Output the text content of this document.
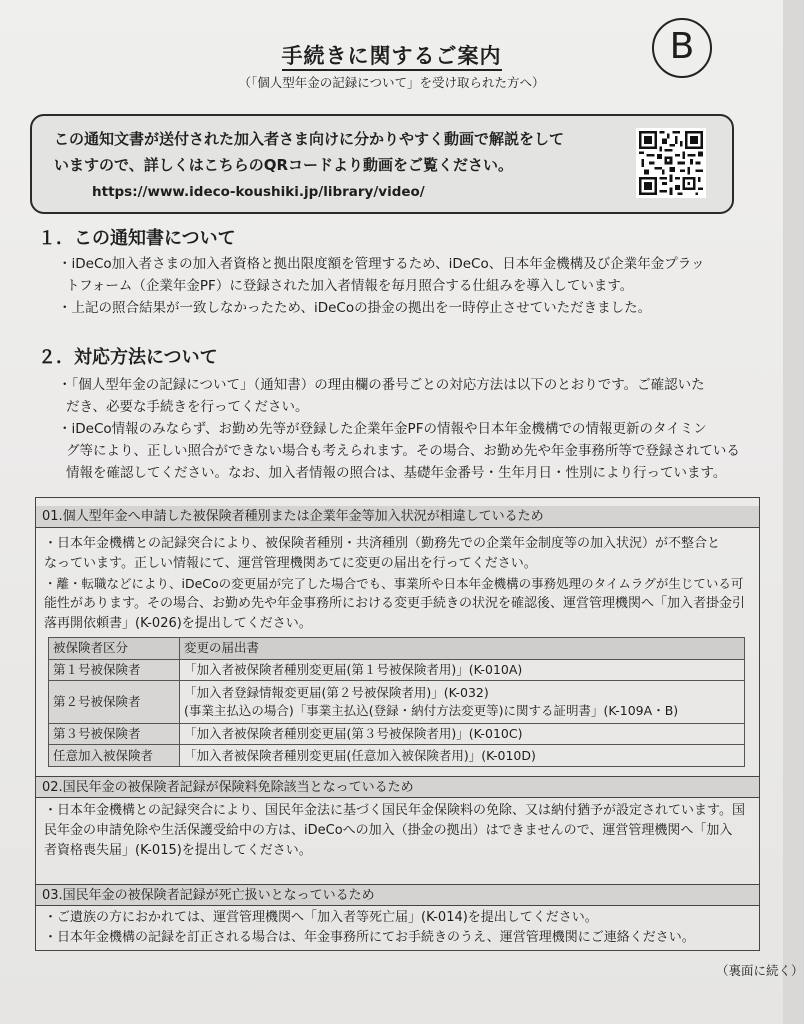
B
手続きに関するご案内
（「個人型年金の記録について」を受け取られた方へ）
この通知文書が送付された加入者さま向けに分かりやすく動画で解説をして
いますので、詳しくはこちらのQRコードより動画をご覧ください。
https://www.ideco-koushiki.jp/library/video/
１．この通知書について
・iDeCo加入者さまの加入者資格と拠出限度額を管理するため、iDeCo、日本年金機構及び企業年金プラッ
トフォーム（企業年金PF）に登録された加入者情報を毎月照合する仕組みを導入しています。
・上記の照合結果が一致しなかったため、iDeCoの掛金の拠出を一時停止させていただきました。
２．対応方法について
・「個人型年金の記録について」（通知書）の理由欄の番号ごとの対応方法は以下のとおりです。ご確認いた
だき、必要な手続きを行ってください。
・iDeCo情報のみならず、お勤め先等が登録した企業年金PFの情報や日本年金機構での情報更新のタイミン
グ等により、正しい照合ができない場合も考えられます。その場合、お勤め先や年金事務所等で登録されている
情報を確認してください。なお、加入者情報の照合は、基礎年金番号・生年月日・性別により行っています。
01.個人型年金へ申請した被保険者種別または企業年金等加入状況が相違しているため
・日本年金機構との記録突合により、被保険者種別・共済種別（勤務先での企業年金制度等の加入状況）が不整合と
なっています。正しい情報にて、運営管理機関あてに変更の届出を行ってください。
・離・転職などにより、iDeCoの変更届が完了した場合でも、事業所や日本年金機構の事務処理のタイムラグが生じている可
能性があります。その場合、お勤め先や年金事務所における変更手続きの状況を確認後、運営管理機関へ「加入者掛金引
落再開依頼書」(K-026)を提出してください。
被保険者区分	変更の届出書
第１号被保険者	「加入者被保険者種別変更届(第１号被保険者用)」(K-010A)
第２号被保険者	「加入者登録情報変更届(第２号被保険者用)」(K-032)
(事業主払込の場合)「事業主払込(登録・納付方法変更等)に関する証明書」(K-109A・B)

第３号被保険者	「加入者被保険者種別変更届(第３号被保険者用)」(K-010C)
任意加入被保険者	「加入者被保険者種別変更届(任意加入被保険者用)」(K-010D)
02.国民年金の被保険者記録が保険料免除該当となっているため
・日本年金機構との記録突合により、国民年金法に基づく国民年金保険料の免除、又は納付猶予が設定されています。国
民年金の申請免除や生活保護受給中の方は、iDeCoへの加入（掛金の拠出）はできませんので、運営管理機関へ「加入
者資格喪失届」(K-015)を提出してください。
03.国民年金の被保険者記録が死亡扱いとなっているため
・ご遺族の方におかれては、運営管理機関へ「加入者等死亡届」(K-014)を提出してください。
・日本年金機構の記録を訂正される場合は、年金事務所にてお手続きのうえ、運営管理機関にご連絡ください。
（裏面に続く）
